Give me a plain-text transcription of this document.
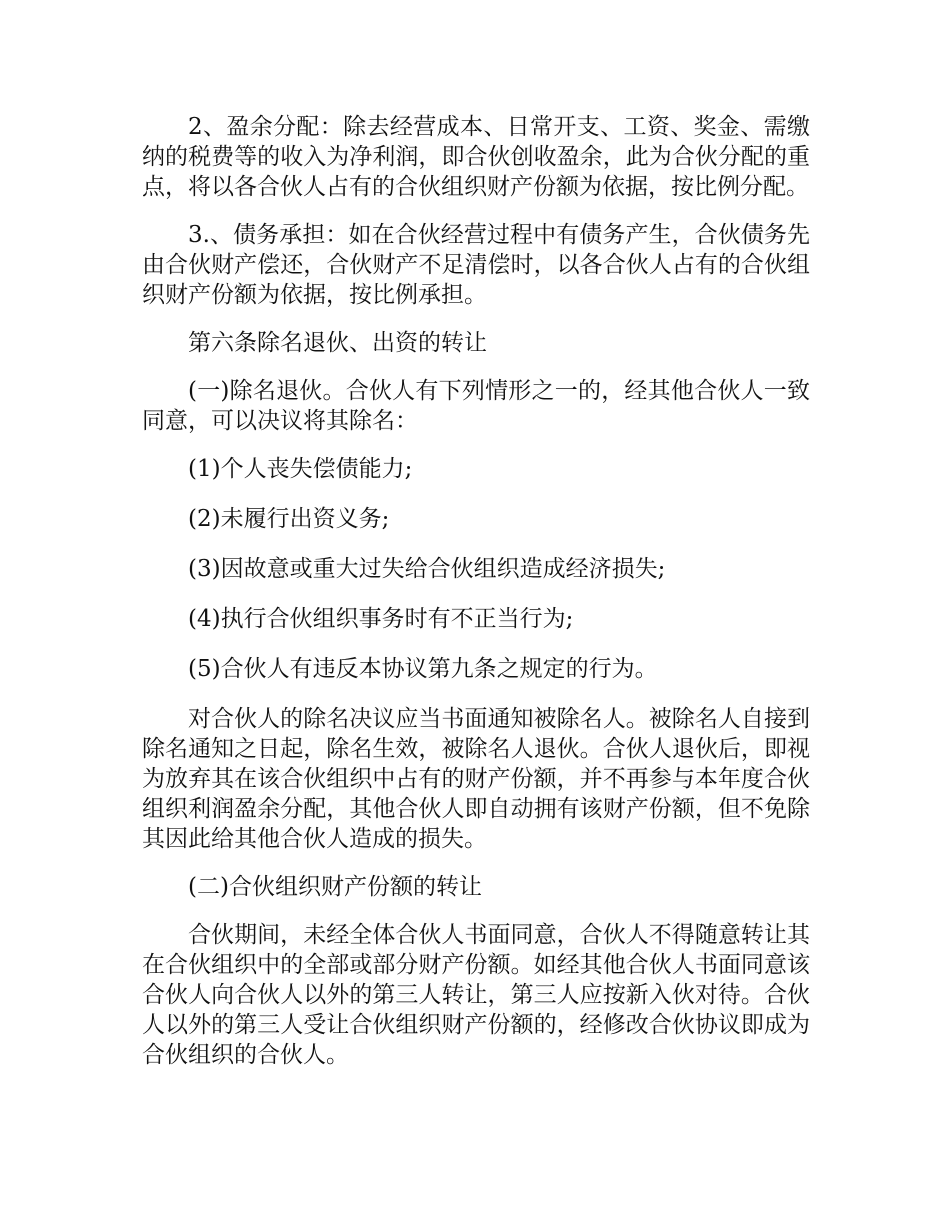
2、盈余分配：除去经营成本、日常开支、工资、奖金、需缴纳的税费等的收入为净利润，即合伙创收盈余，此为合伙分配的重点，将以各合伙人占有的合伙组织财产份额为依据，按比例分配。

3.、债务承担：如在合伙经营过程中有债务产生，合伙债务先由合伙财产偿还，合伙财产不足清偿时，以各合伙人占有的合伙组织财产份额为依据，按比例承担。

第六条除名退伙、出资的转让

(一)除名退伙。合伙人有下列情形之一的，经其他合伙人一致同意，可以决议将其除名：

(1)个人丧失偿债能力;

(2)未履行出资义务;

(3)因故意或重大过失给合伙组织造成经济损失;

(4)执行合伙组织事务时有不正当行为;

(5)合伙人有违反本协议第九条之规定的行为。

对合伙人的除名决议应当书面通知被除名人。被除名人自接到除名通知之日起，除名生效，被除名人退伙。合伙人退伙后，即视为放弃其在该合伙组织中占有的财产份额，并不再参与本年度合伙组织利润盈余分配，其他合伙人即自动拥有该财产份额，但不免除其因此给其他合伙人造成的损失。

(二)合伙组织财产份额的转让

合伙期间，未经全体合伙人书面同意，合伙人不得随意转让其在合伙组织中的全部或部分财产份额。如经其他合伙人书面同意该合伙人向合伙人以外的第三人转让，第三人应按新入伙对待。合伙人以外的第三人受让合伙组织财产份额的，经修改合伙协议即成为合伙组织的合伙人。
